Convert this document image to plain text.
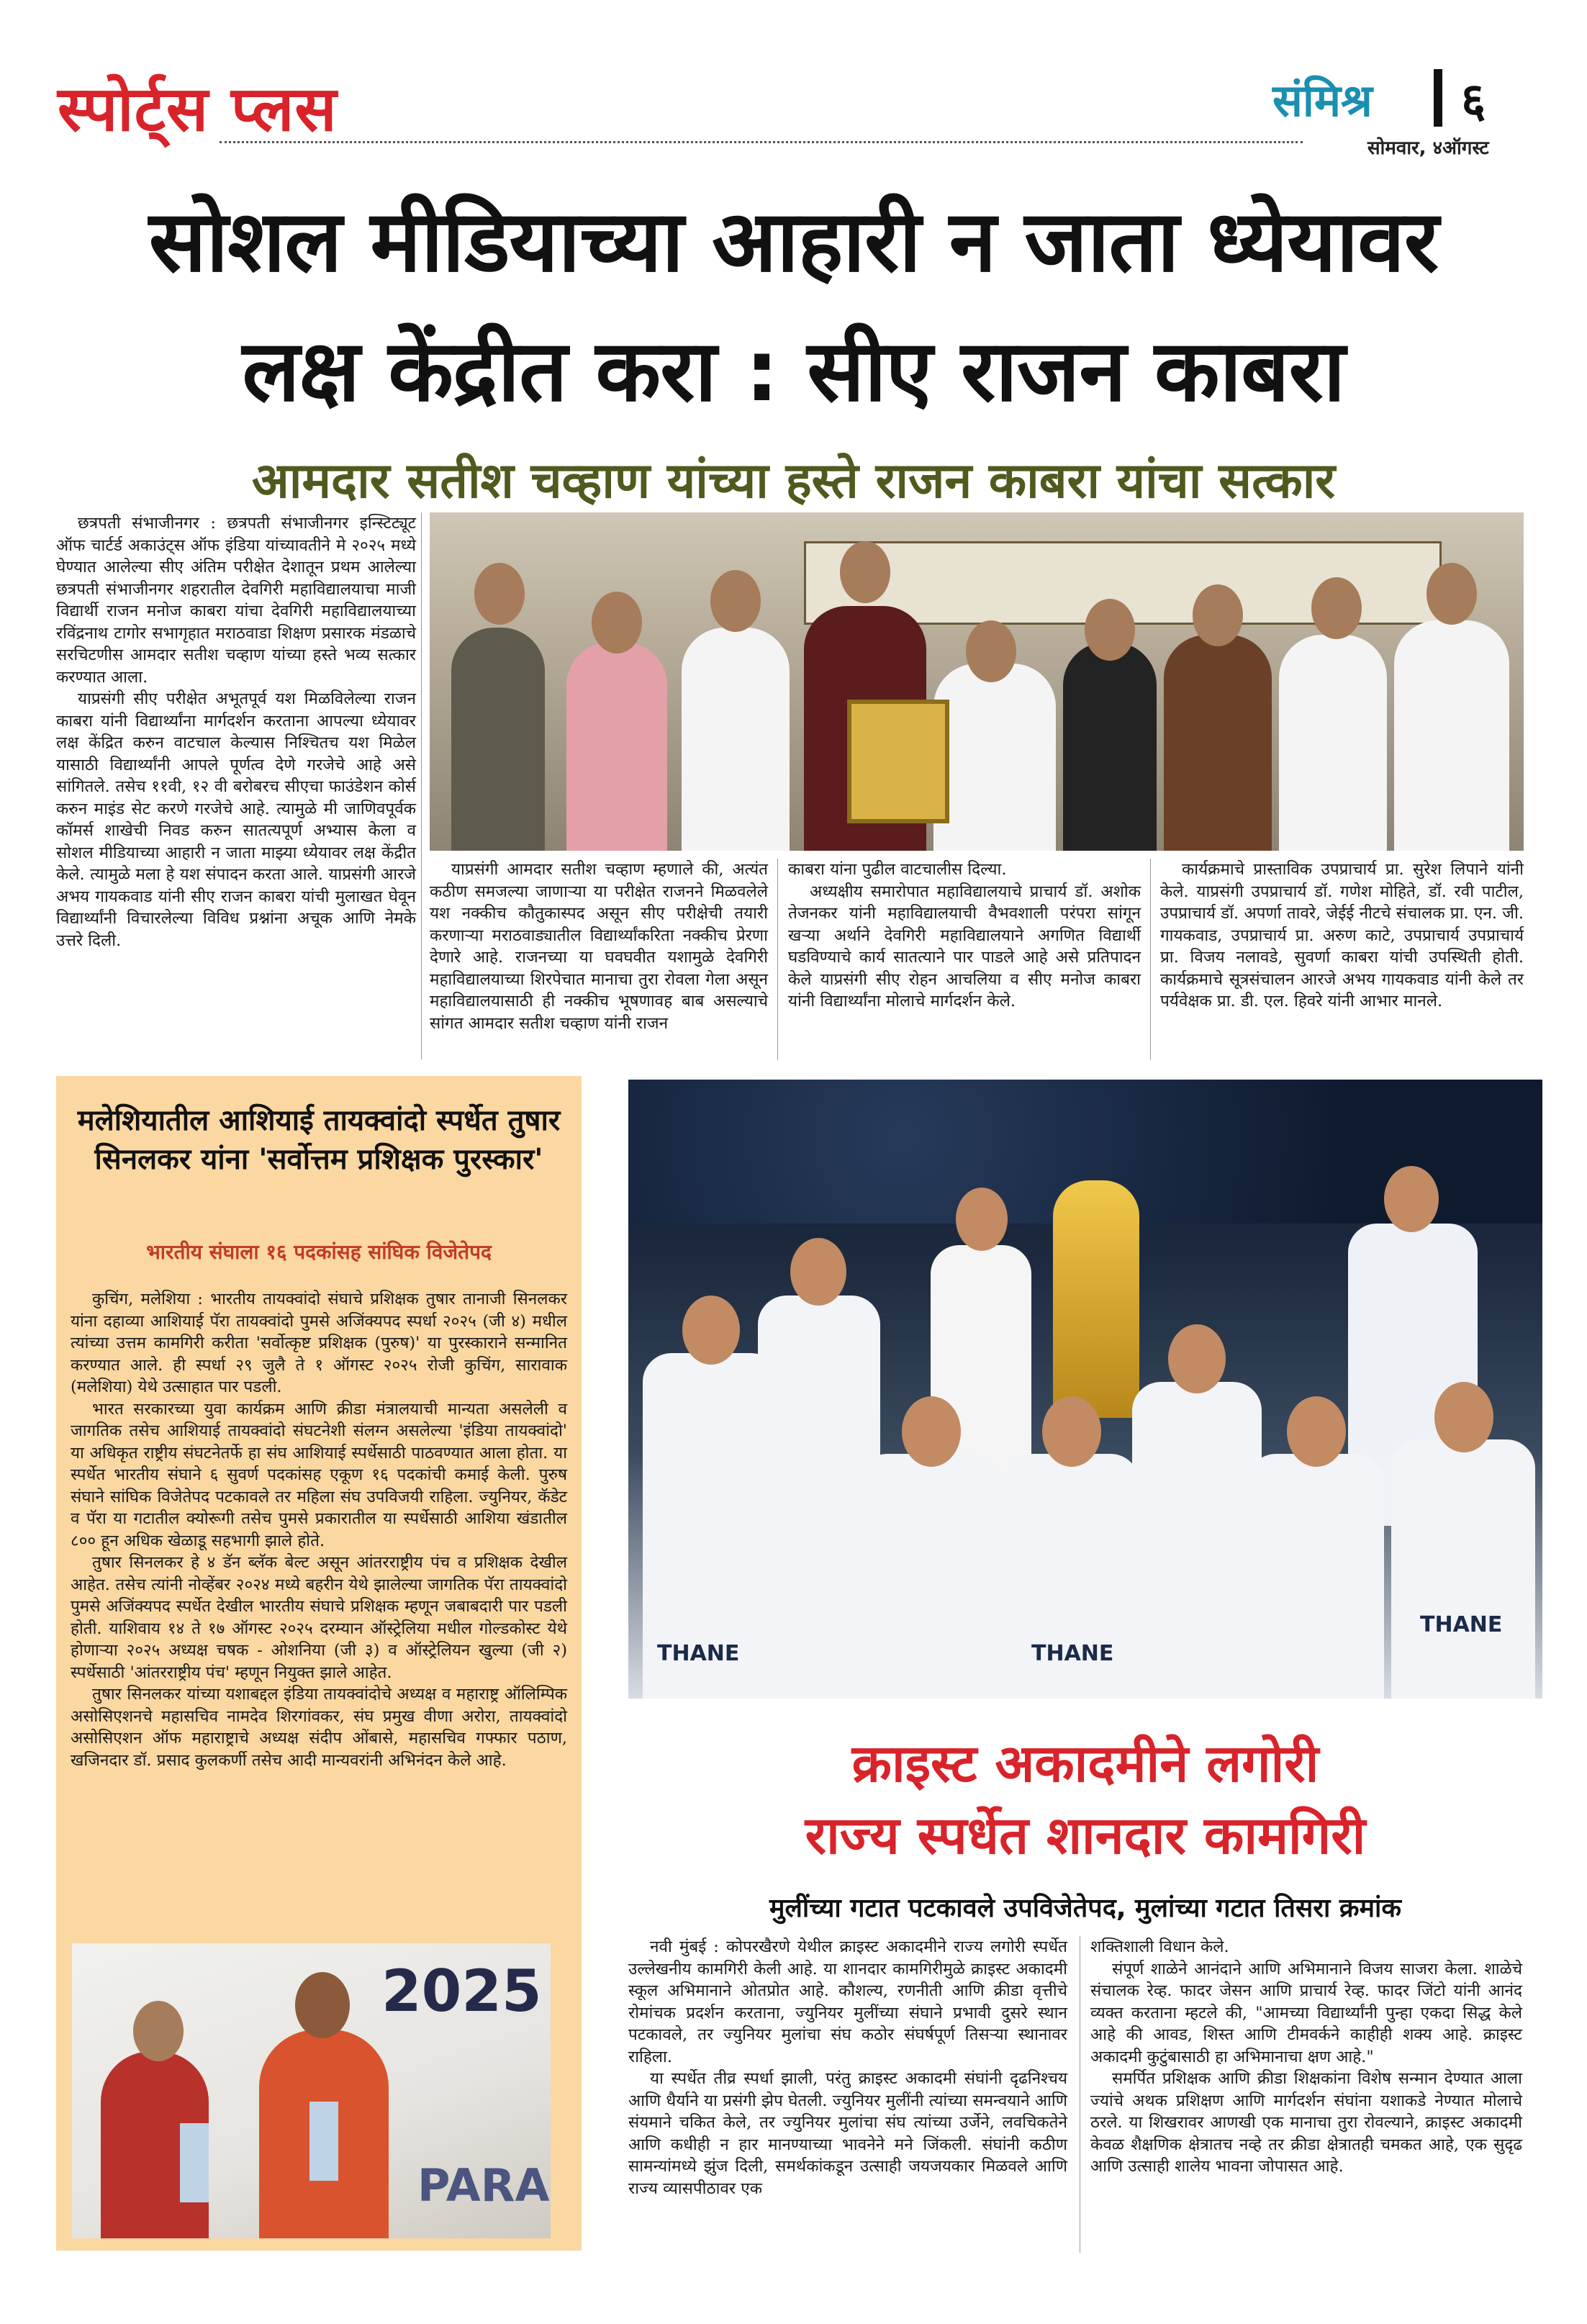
स्पोर्ट्स प्लस	संमिश्र ६
सोमवार, ४ऑगस्ट
सोशल मीडियाच्या आहारी न जाता ध्येयावर
लक्ष केंद्रीत करा : सीए राजन काबरा
आमदार सतीश चव्हाण यांच्या हस्ते राजन काबरा यांचा सत्कार

छत्रपती संभाजीनगर : छत्रपती संभाजीनगर इन्स्टिट्यूट ऑफ चार्टर्ड अकाउंट्स ऑफ इंडिया यांच्यावतीने मे २०२५ मध्ये घेण्यात आलेल्या सीए अंतिम परीक्षेत देशातून प्रथम आलेल्या छत्रपती संभाजीनगर शहरातील देवगिरी महाविद्यालयाचा माजी विद्यार्थी राजन मनोज काबरा यांचा देवगिरी महाविद्यालयाच्या रविंद्रनाथ टागोर सभागृहात मराठवाडा शिक्षण प्रसारक मंडळाचे सरचिटणीस आमदार सतीश चव्हाण यांच्या हस्ते भव्य सत्कार करण्यात आला.

याप्रसंगी सीए परीक्षेत अभूतपूर्व यश मिळविलेल्या राजन काबरा यांनी विद्यार्थ्यांना मार्गदर्शन करताना आपल्या ध्येयावर लक्ष केंद्रित करुन वाटचाल केल्यास निश्चितच यश मिळेल यासाठी विद्यार्थ्यांनी आपले पूर्णत्व देणे गरजेचे आहे असे सांगितले. तसेच ११वी, १२ वी बरोबरच सीएचा फाउंडेशन कोर्स करुन माइंड सेट करणे गरजेचे आहे. त्यामुळे मी जाणिवपूर्वक कॉमर्स शाखेची निवड करुन सातत्यपूर्ण अभ्यास केला व सोशल मीडियाच्या आहारी न जाता माझ्या ध्येयावर लक्ष केंद्रीत केले. त्यामुळे मला हे यश संपादन करता आले. याप्रसंगी आरजे अभय गायकवाड यांनी सीए राजन काबरा यांची मुलाखत घेवून विद्यार्थ्यांनी विचारलेल्या विविध प्रश्नांना अचूक आणि नेमके उत्तरे दिली.

याप्रसंगी आमदार सतीश चव्हाण म्हणाले की, अत्यंत कठीण समजल्या जाणाऱ्या या परीक्षेत राजनने मिळवलेले यश नक्कीच कौतुकास्पद असून सीए परीक्षेची तयारी करणाऱ्या मराठवाड्यातील विद्यार्थ्यांकरिता नक्कीच प्रेरणा देणारे आहे. राजनच्या या घवघवीत यशामुळे देवगिरी महाविद्यालयाच्या शिरपेचात मानाचा तुरा रोवला गेला असून महाविद्यालयासाठी ही नक्कीच भूषणावह बाब असल्याचे सांगत आमदार सतीश चव्हाण यांनी राजन

काबरा यांना पुढील वाटचालीस दिल्या.

अध्यक्षीय समारोपात महाविद्यालयाचे प्राचार्य डॉ. अशोक तेजनकर यांनी महाविद्यालयाची वैभवशाली परंपरा सांगून खऱ्या अर्थाने देवगिरी महाविद्यालयाने अगणित विद्यार्थी घडविण्याचे कार्य सातत्याने पार पाडले आहे असे प्रतिपादन केले याप्रसंगी सीए रोहन आचलिया व सीए मनोज काबरा यांनी विद्यार्थ्यांना मोलाचे मार्गदर्शन केले.

कार्यक्रमाचे प्रास्ताविक उपप्राचार्य प्रा. सुरेश लिपाने यांनी केले. याप्रसंगी उपप्राचार्य डॉ. गणेश मोहिते, डॉ. रवी पाटील, उपप्राचार्य डॉ. अपर्णा तावरे, जेईई नीटचे संचालक प्रा. एन. जी. गायकवाड, उपप्राचार्य प्रा. अरुण काटे, उपप्राचार्य उपप्राचार्य प्रा. विजय नलावडे, सुवर्णा काबरा यांची उपस्थिती होती. कार्यक्रमाचे सूत्रसंचालन आरजे अभय गायकवाड यांनी केले तर पर्यवेक्षक प्रा. डी. एल. हिवरे यांनी आभार मानले.

मलेशियातील आशियाई तायक्वांदो स्पर्धेत तुषार सिनलकर यांना 'सर्वोत्तम प्रशिक्षक पुरस्कार'
भारतीय संघाला १६ पदकांसह सांघिक विजेतेपद

कुचिंग, मलेशिया : भारतीय तायक्वांदो संघाचे प्रशिक्षक तुषार तानाजी सिनलकर यांना दहाव्या आशियाई पॅरा तायक्वांदो पुमसे अजिंक्यपद स्पर्धा २०२५ (जी ४) मधील त्यांच्या उत्तम कामगिरी करीता 'सर्वोत्कृष्ट प्रशिक्षक (पुरुष)' या पुरस्काराने सन्मानित करण्यात आले. ही स्पर्धा २९ जुलै ते १ ऑगस्ट २०२५ रोजी कुचिंग, सारावाक (मलेशिया) येथे उत्साहात पार पडली.

भारत सरकारच्या युवा कार्यक्रम आणि क्रीडा मंत्रालयाची मान्यता असलेली व जागतिक तसेच आशियाई तायक्वांदो संघटनेशी संलग्न असलेल्या 'इंडिया तायक्वांदो' या अधिकृत राष्ट्रीय संघटनेतर्फे हा संघ आशियाई स्पर्धेसाठी पाठवण्यात आला होता. या स्पर्धेत भारतीय संघाने ६ सुवर्ण पदकांसह एकूण १६ पदकांची कमाई केली. पुरुष संघाने सांघिक विजेतेपद पटकावले तर महिला संघ उपविजयी राहिला. ज्युनियर, कॅडेट व पॅरा या गटातील क्योरूगी तसेच पुमसे प्रकारातील या स्पर्धेसाठी आशिया खंडातील ८०० हून अधिक खेळाडू सहभागी झाले होते.

तुषार सिनलकर हे ४ डॅन ब्लॅक बेल्ट असून आंतरराष्ट्रीय पंच व प्रशिक्षक देखील आहेत. तसेच त्यांनी नोव्हेंबर २०२४ मध्ये बहरीन येथे झालेल्या जागतिक पॅरा तायक्वांदो पुमसे अजिंक्यपद स्पर्धेत देखील भारतीय संघाचे प्रशिक्षक म्हणून जबाबदारी पार पडली होती. याशिवाय १४ ते १७ ऑगस्ट २०२५ दरम्यान ऑस्ट्रेलिया मधील गोल्डकोस्ट येथे होणाऱ्या २०२५ अध्यक्ष चषक - ओशनिया (जी ३) व ऑस्ट्रेलियन खुल्या (जी २) स्पर्धेसाठी 'आंतरराष्ट्रीय पंच' म्हणून नियुक्त झाले आहेत.

तुषार सिनलकर यांच्या यशाबद्दल इंडिया तायक्वांदोचे अध्यक्ष व महाराष्ट्र ऑलिम्पिक असोसिएशनचे महासचिव नामदेव शिरगांवकर, संघ प्रमुख वीणा अरोरा, तायक्वांदो असोसिएशन ऑफ महाराष्ट्राचे अध्यक्ष संदीप ओंबासे, महासचिव गफ्फार पठाण, खजिनदार डॉ. प्रसाद कुलकर्णी तसेच आदी मान्यवरांनी अभिनंदन केले आहे.

2025
PARA
THANE	THANE
THANE
क्राइस्ट अकादमीने लगोरी
राज्य स्पर्धेत शानदार कामगिरी
मुलींच्या गटात पटकावले उपविजेतेपद, मुलांच्या गटात तिसरा क्रमांक

नवी मुंबई : कोपरखैरणे येथील क्राइस्ट अकादमीने राज्य लगोरी स्पर्धेत उल्लेखनीय कामगिरी केली आहे. या शानदार कामगिरीमुळे क्राइस्ट अकादमी स्कूल अभिमानाने ओतप्रोत आहे. कौशल्य, रणनीती आणि क्रीडा वृत्तीचे रोमांचक प्रदर्शन करताना, ज्युनियर मुलींच्या संघाने प्रभावी दुसरे स्थान पटकावले, तर ज्युनियर मुलांचा संघ कठोर संघर्षपूर्ण तिसऱ्या स्थानावर राहिला.

या स्पर्धेत तीव्र स्पर्धा झाली, परंतु क्राइस्ट अकादमी संघांनी दृढनिश्चय आणि धैर्याने या प्रसंगी झेप घेतली. ज्युनियर मुलींनी त्यांच्या समन्वयाने आणि संयमाने चकित केले, तर ज्युनियर मुलांचा संघ त्यांच्या उर्जेने, लवचिकतेने आणि कधीही न हार मानण्याच्या भावनेने मने जिंकली. संघांनी कठीण सामन्यांमध्ये झुंज दिली, समर्थकांकडून उत्साही जयजयकार मिळवले आणि राज्य व्यासपीठावर एक

शक्तिशाली विधान केले.

संपूर्ण शाळेने आनंदाने आणि अभिमानाने विजय साजरा केला. शाळेचे संचालक रेव्ह. फादर जेसन आणि प्राचार्य रेव्ह. फादर जिंटो यांनी आनंद व्यक्त करताना म्हटले की, "आमच्या विद्यार्थ्यांनी पुन्हा एकदा सिद्ध केले आहे की आवड, शिस्त आणि टीमवर्कने काहीही शक्य आहे. क्राइस्ट अकादमी कुटुंबासाठी हा अभिमानाचा क्षण आहे."

समर्पित प्रशिक्षक आणि क्रीडा शिक्षकांना विशेष सन्मान देण्यात आला ज्यांचे अथक प्रशिक्षण आणि मार्गदर्शन संघांना यशाकडे नेण्यात मोलाचे ठरले. या शिखरावर आणखी एक मानाचा तुरा रोवल्याने, क्राइस्ट अकादमी केवळ शैक्षणिक क्षेत्रातच नव्हे तर क्रीडा क्षेत्रातही चमकत आहे, एक सुदृढ आणि उत्साही शालेय भावना जोपासत आहे.
